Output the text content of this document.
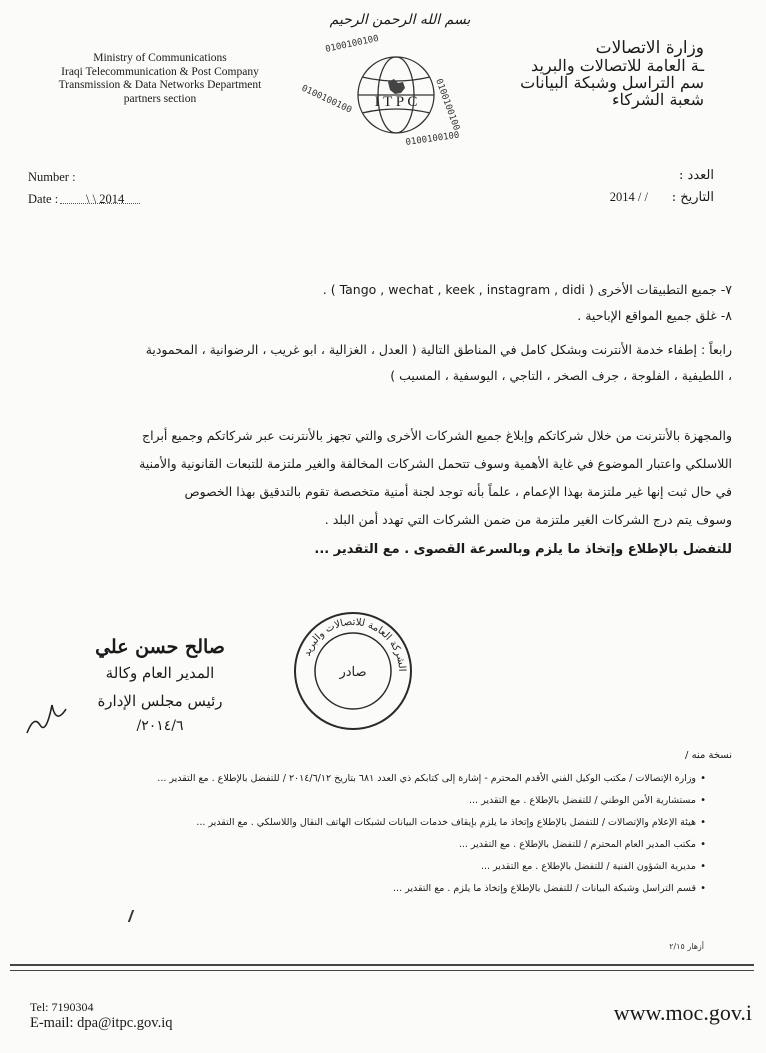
بسم الله الرحمن الرحيم
Ministry of Communications
Iraqi Telecommunication & Post Company
Transmission & Data Networks Department
partners section
وزارة الاتصالات
ـة العامة للاتصالات والبريد
سم التراسل وشبكة البيانات
شعبة الشركاء
I T P C
0100100100
0100100100	0100100100
0100100100
Number :
Date : \ \ 2014
العدد :
التاريخ :
2014 / /
٧- جميع التطبيقات الأخرى ( Tango , wechat , keek , instagram , didi ) .
٨- غلق جميع المواقع الإباحية .
رابعاً : إطفاء خدمة الأنترنت وبشكل كامل في المناطق التالية ( العدل ، الغزالية ، ابو غريب ، الرضوانية ، المحمودية
، اللطيفية ، الفلوجة ، جرف الصخر ، التاجي ، اليوسفية ، المسيب )
والمجهزة بالأنترنت من خلال شركاتكم وإبلاغ جميع الشركات الأخرى والتي تجهز بالأنترنت عبر شركاتكم وجميع أبراج
اللاسلكي واعتبار الموضوع في غاية الأهمية وسوف تتحمل الشركات المخالفة والغير ملتزمة للتبعات القانونية والأمنية
في حال ثبت إنها غير ملتزمة بهذا الإعمام ، علماً بأنه توجد لجنة أمنية متخصصة تقوم بالتدقيق بهذا الخصوص
وسوف يتم درج الشركات الغير ملتزمة من ضمن الشركات التي تهدد أمن البلد .
للتفضل بالإطلاع وإتخاذ ما يلزم وبالسرعة القصوى . مع التقدير ...
صالح حسن علي
المدير العام وكالة
رئيس مجلس الإدارة
٢٠١٤/٦/
الشركة العامة للاتصالات والبريد
صادر
نسخة منه /
•
وزارة الإتصالات / مكتب الوكيل الفني الأقدم المحترم - إشارة إلى كتابكم ذي العدد ٦٨١ بتاريخ ٢٠١٤/٦/١٢ / للتفضل بالإطلاع . مع التقدير ...
•
مستشارية الأمن الوطني / للتفضل بالإطلاع . مع التقدير ...
•
هيئة الإعلام والإتصالات / للتفضل بالإطلاع وإتخاذ ما يلزم بإيقاف خدمات البيانات لشبكات الهاتف النقال واللاسلكي . مع التقدير ...
•
مكتب المدير العام المحترم / للتفضل بالإطلاع . مع التقدير ...
•
مديرية الشؤون الفنية / للتفضل بالإطلاع . مع التقدير ...
•
قسم التراسل وشبكة البيانات / للتفضل بالإطلاع وإتخاذ ما يلزم . مع التقدير ...
أزهار ٢/١٥
Tel: 7190304
E-mail: dpa@itpc.gov.iq	www.moc.gov.i
